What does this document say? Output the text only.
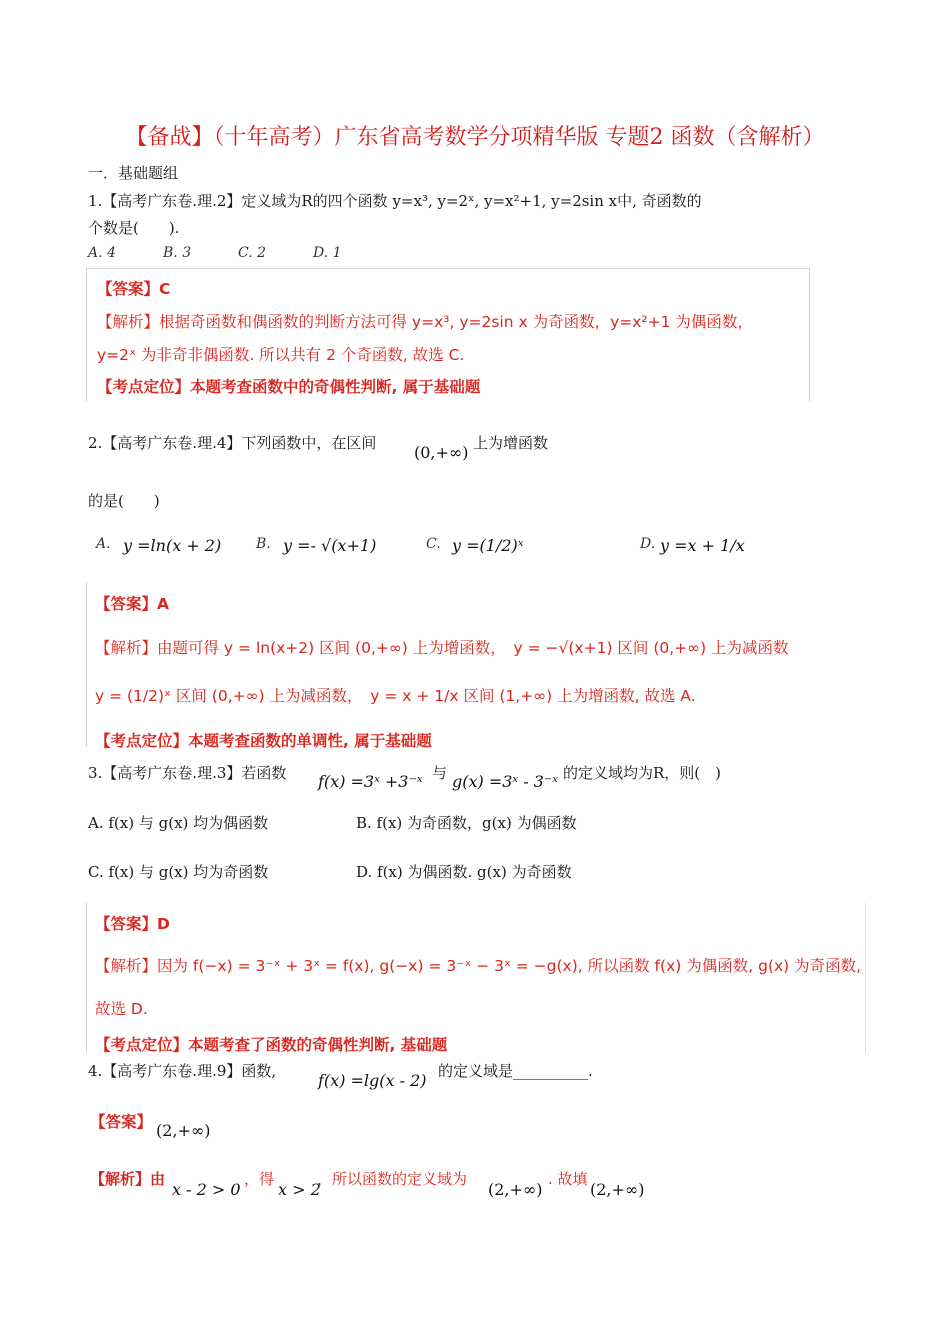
【备战】（十年高考）广东省高考数学分项精华版 专题2 函数（含解析）
一．基础题组
1.【高考广东卷.理.2】定义域为R的四个函数 y=x³, y=2ˣ, y=x²+1, y=2sin x中, 奇函数的
个数是(　　).
A. 4	B. 3	C. 2	D. 1
【答案】C
【解析】根据奇函数和偶函数的判断方法可得 y=x³, y=2sin x 为奇函数，y=x²+1 为偶函数，
y=2ˣ 为非奇非偶函数. 所以共有 2 个奇函数, 故选 C.
【考点定位】本题考查函数中的奇偶性判断, 属于基础题
2.【高考广东卷.理.4】下列函数中，在区间 (0,+∞) 上为增函数
的是(　　)
A. y =ln(x + 2) B. y =- √(x+1)	C. y =(1/2)ˣ	D. y =x + 1/x
【答案】A
【解析】由题可得 y = ln(x+2) 区间 (0,+∞) 上为增函数，　y = −√(x+1) 区间 (0,+∞) 上为减函数
y = (1/2)ˣ 区间 (0,+∞) 上为减函数，　y = x + 1/x 区间 (1,+∞) 上为增函数, 故选 A.
【考点定位】本题考查函数的单调性, 属于基础题
3.【高考广东卷.理.3】若函数 f(x) =3ˣ +3⁻ˣ 与 g(x) =3ˣ - 3⁻ˣ 的定义域均为R，则(　)
A. f(x) 与 g(x) 均为偶函数	B. f(x) 为奇函数，g(x) 为偶函数
C. f(x) 与 g(x) 均为奇函数	D. f(x) 为偶函数. g(x) 为奇函数
【答案】D
【解析】因为 f(−x) = 3⁻ˣ + 3ˣ = f(x), g(−x) = 3⁻ˣ − 3ˣ = −g(x), 所以函数 f(x) 为偶函数, g(x) 为奇函数,
故选 D.
【考点定位】本题考查了函数的奇偶性判断, 基础题
4.【高考广东卷.理.9】函数,	f(x) =lg(x - 2) 的定义域是__________.
【答案】 (2,+∞)
【解析】由
x - 2 > 0
，得
x > 2
，所以函数的定义域为
(2,+∞)
. 故填
(2,+∞)
